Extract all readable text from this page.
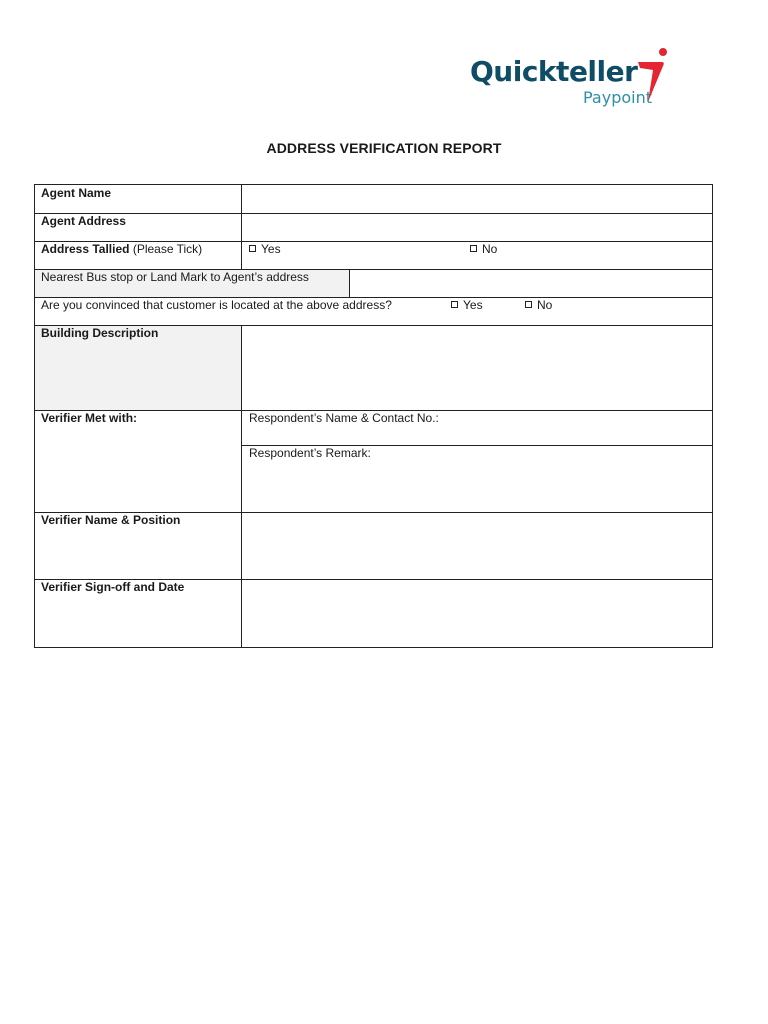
Quickteller
Paypoint
ADDRESS VERIFICATION REPORT
Agent Name
Agent Address
Address Tallied (Please Tick)	Yes	No
Nearest Bus stop or Land Mark to Agent’s address
Are you convinced that customer is located at the above address?	Yes	No
Building Description
Verifier Met with:	Respondent’s Name & Contact No.:
Respondent’s Remark:
Verifier Name & Position
Verifier Sign-off and Date
